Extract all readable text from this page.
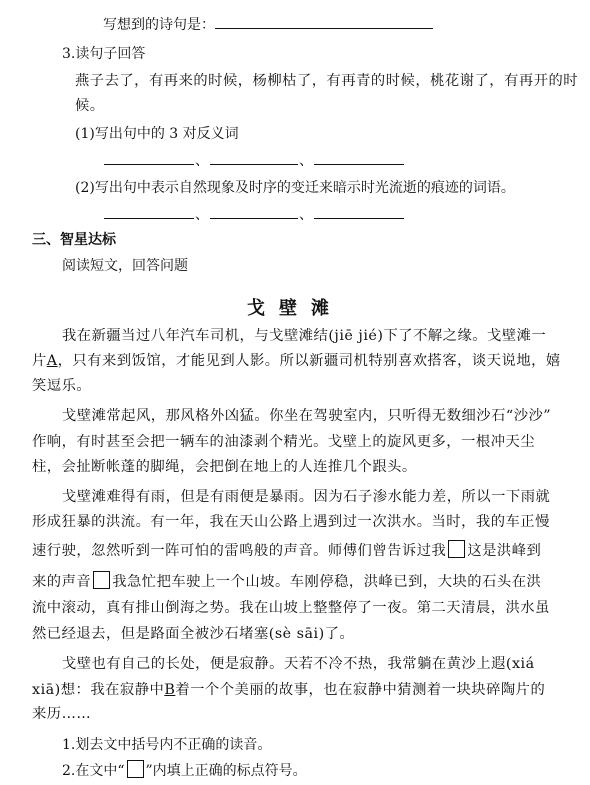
写想到的诗句是：
3.读句子回答
燕子去了，有再来的时候，杨柳枯了，有再青的时候，桃花谢了，有再开的时
候。
(1)写出句中的 3 对反义词
、	、
(2)写出句中表示自然现象及时序的变迁来暗示时光流逝的痕迹的词语。
、	、
三、智星达标
阅读短文，回答问题
戈壁滩
我在新疆当过八年汽车司机，与戈壁滩结(jiē jié)下了不解之缘。戈壁滩一
片A，只有来到饭馆，才能见到人影。所以新疆司机特别喜欢搭客，谈天说地，嬉
笑逗乐。
戈壁滩常起风，那风格外凶猛。你坐在驾驶室内，只听得无数细沙石“沙沙”
作响，有时甚至会把一辆车的油漆剥个精光。戈壁上的旋风更多，一根冲天尘
柱，会扯断帐蓬的脚绳，会把倒在地上的人连推几个跟头。
戈壁滩难得有雨，但是有雨便是暴雨。因为石子渗水能力差，所以一下雨就
形成狂暴的洪流。有一年，我在天山公路上遇到过一次洪水。当时，我的车正慢
速行驶，忽然听到一阵可怕的雷鸣般的声音。师傅们曾告诉过我 这是洪峰到
来的声音 我急忙把车驶上一个山坡。车刚停稳，洪峰已到，大块的石头在洪
流中滚动，真有排山倒海之势。我在山坡上整整停了一夜。第二天清晨，洪水虽
然已经退去，但是路面全被沙石堵塞(sè sāi)了。
戈壁也有自己的长处，便是寂静。天若不冷不热，我常躺在黄沙上遐(xiá
xiā)想：我在寂静中B着一个个美丽的故事，也在寂静中猜测着一块块碎陶片的
来历……
1.划去文中括号内不正确的读音。
2.在文中“ ”内填上正确的标点符号。
